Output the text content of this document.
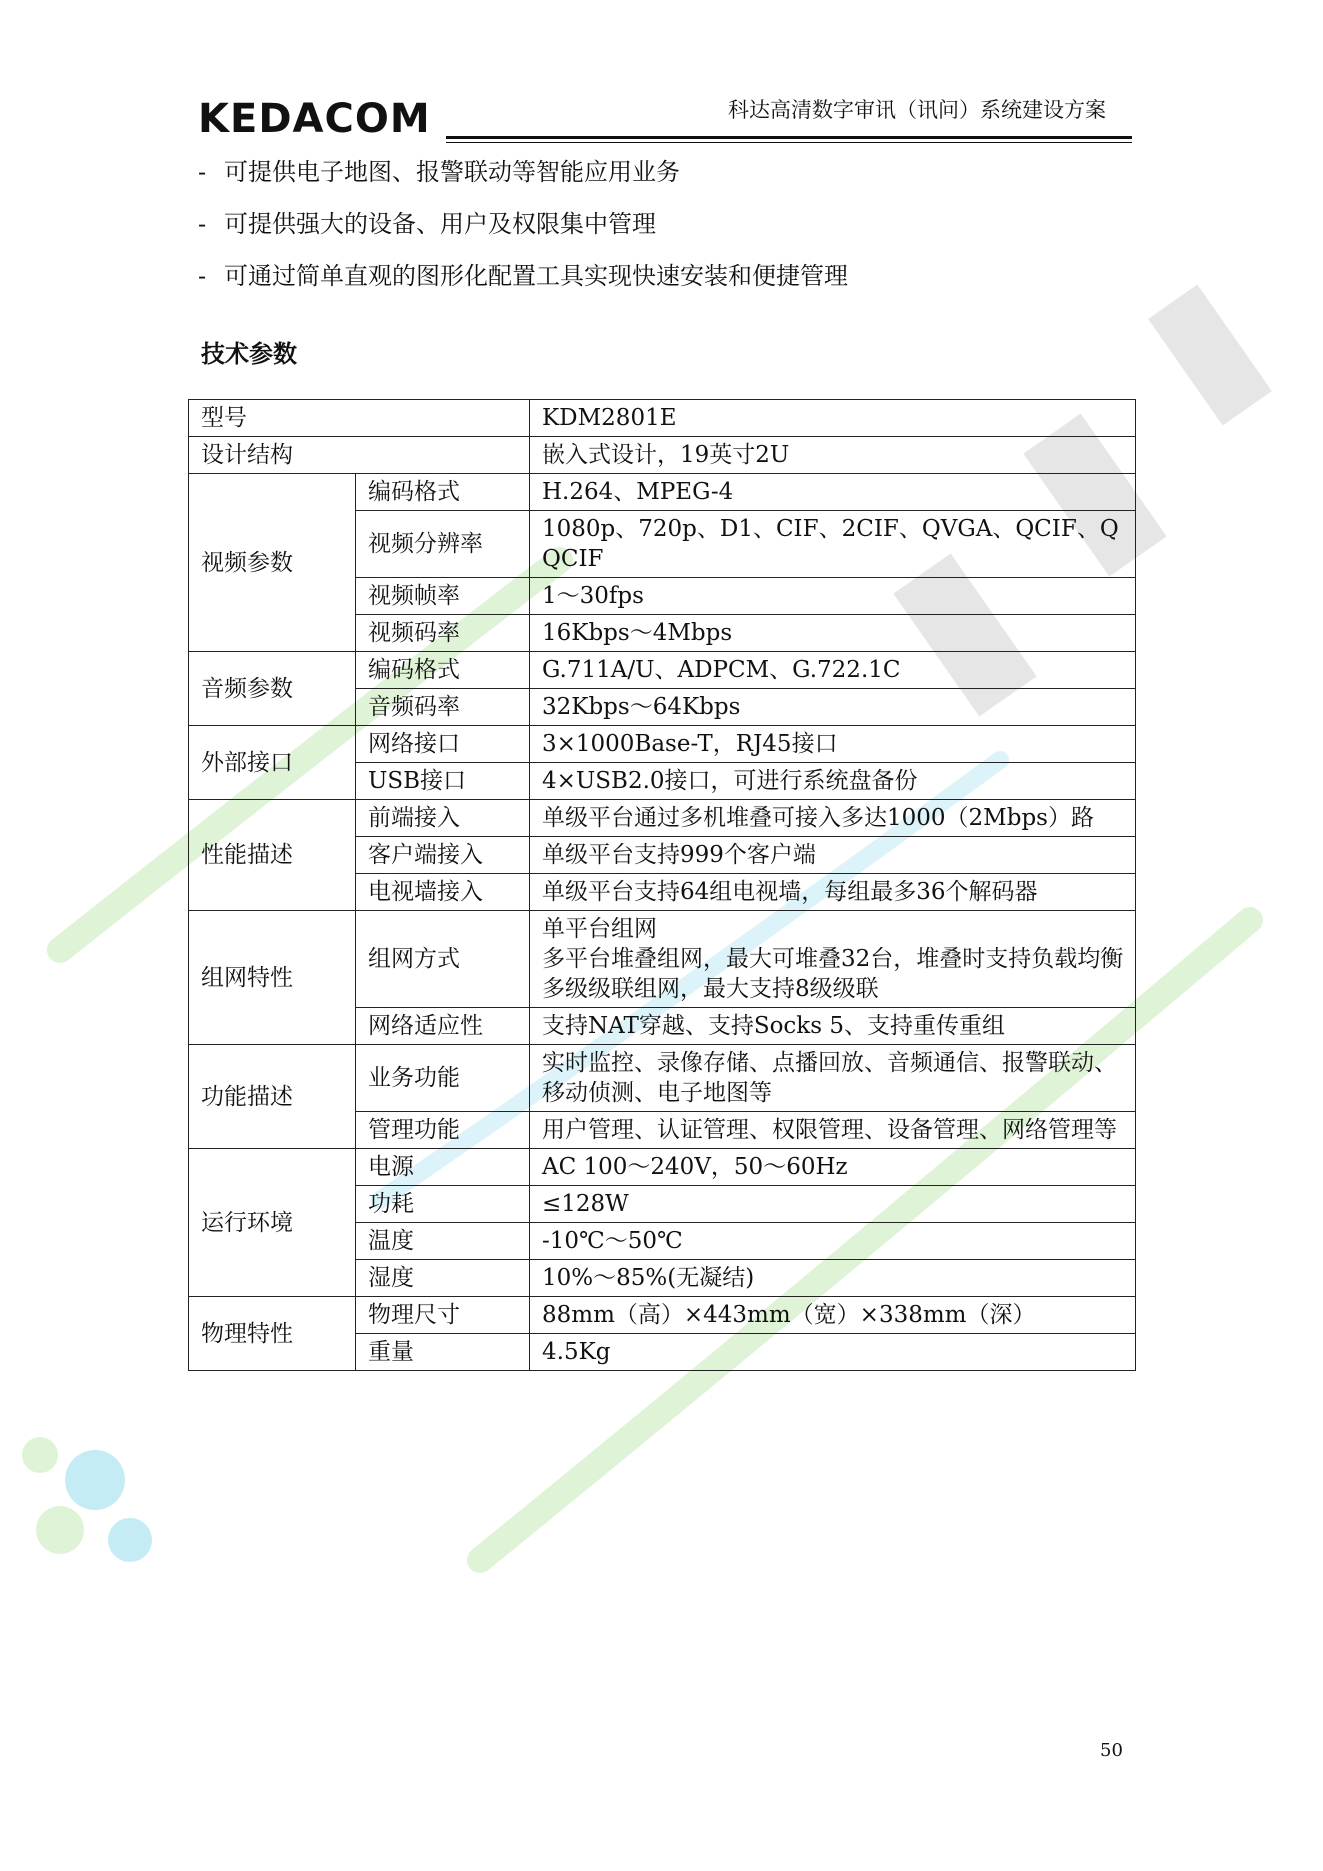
KEDACOM	科达高清数字审讯（讯问）系统建设方案
- 可提供电子地图、报警联动等智能应用业务
- 可提供强大的设备、用户及权限集中管理
- 可通过简单直观的图形化配置工具实现快速安装和便捷管理
技术参数
型号		KDM2801E
设计结构		嵌入式设计，19英寸2U
视频参数	编码格式	H.264、MPEG-4
	视频分辨率	1080p、720p、D1、CIF、2CIF、QVGA、QCIF、QQCIF
	视频帧率	1～30fps
	视频码率	16Kbps～4Mbps
音频参数	编码格式	G.711A/U、ADPCM、G.722.1C
	音频码率	32Kbps～64Kbps
外部接口	网络接口	3×1000Base-T，RJ45接口
	USB接口	4×USB2.0接口，可进行系统盘备份
性能描述	前端接入	单级平台通过多机堆叠可接入多达1000（2Mbps）路
	客户端接入	单级平台支持999个客户端
	电视墙接入	单级平台支持64组电视墙，每组最多36个解码器
组网特性	组网方式	单平台组网
多平台堆叠组网，最大可堆叠32台，堆叠时支持负载均衡
多级级联组网，最大支持8级级联

	网络适应性	支持NAT穿越、支持Socks 5、支持重传重组
功能描述	业务功能	实时监控、录像存储、点播回放、音频通信、报警联动、移动侦测、电子地图等
	管理功能	用户管理、认证管理、权限管理、设备管理、网络管理等
运行环境	电源	AC 100～240V，50～60Hz
	功耗	≤128W
	温度	-10℃～50℃
	湿度	10%～85%(无凝结)
物理特性	物理尺寸	88mm（高）×443mm（宽）×338mm（深）
	重量	4.5Kg
50
